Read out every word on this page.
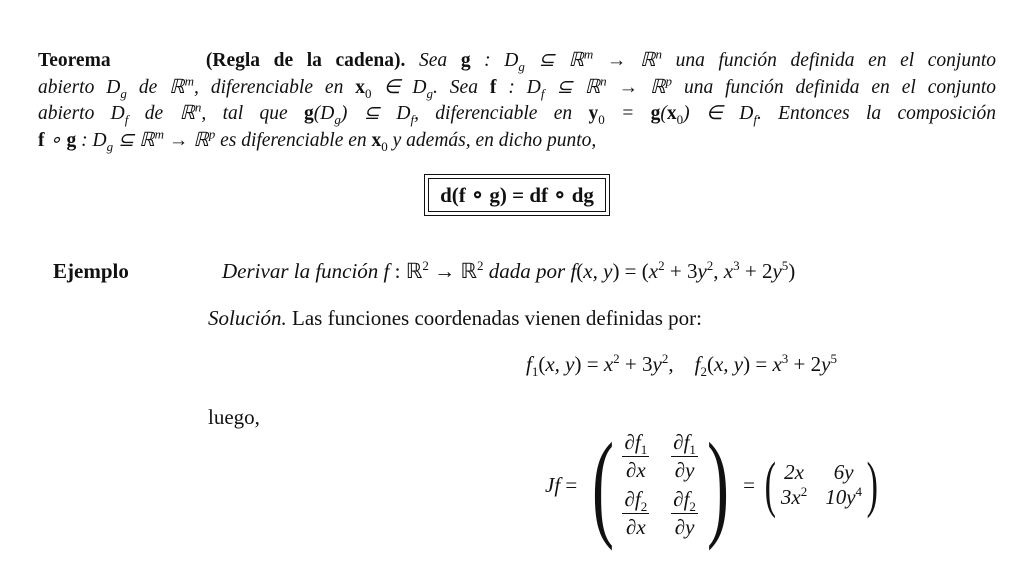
Teorema	(Regla de la cadena). Sea g : $D_g$ ⊆ ℝ$^m$ → ℝ$^n$ una función definida en el conjunto
abierto $D_g$ de ℝ$^m$, diferenciable en $x_0$ ∈ $D_g$. Sea f : $D_f$ ⊆ ℝ$^n$ → ℝ$^p$ una función definida en el conjunto
abierto $D_f$ de ℝ$^n$, tal que $g(D_g)$ ⊆ $D_f$, diferenciable en $y_0 = g(x_0)$ ∈ $D_f$. Entonces la composición
f ∘ g : $D_g$ ⊆ ℝ$^m$ → ℝ$^p$ es diferenciable en $x_0$ y además, en dicho punto,
d(f ∘ g) = df ∘ dg
Ejemplo	Derivar la función f : ℝ$^2$ → ℝ$^2$ dada por f(x, $y) = (x^2 + 3y^2$, $x^3 + 2y^5$)
Solución. Las funciones coordenadas vienen definidas por:
$f_1(x$, $y) = x^2 + 3y^2$,    $f_2(x$, $y) = x^3 + 2y^5$
luego,
Jf = ( $\frac{\partial f_1}{\partial x} \frac{\partial f_1}{\partial y}$
$\frac{\partial f_2}{\partial x} \frac{\partial f_2}{\partial y}$ ) = ( 2x	6y
$3x^2$ $10y^4$ )
